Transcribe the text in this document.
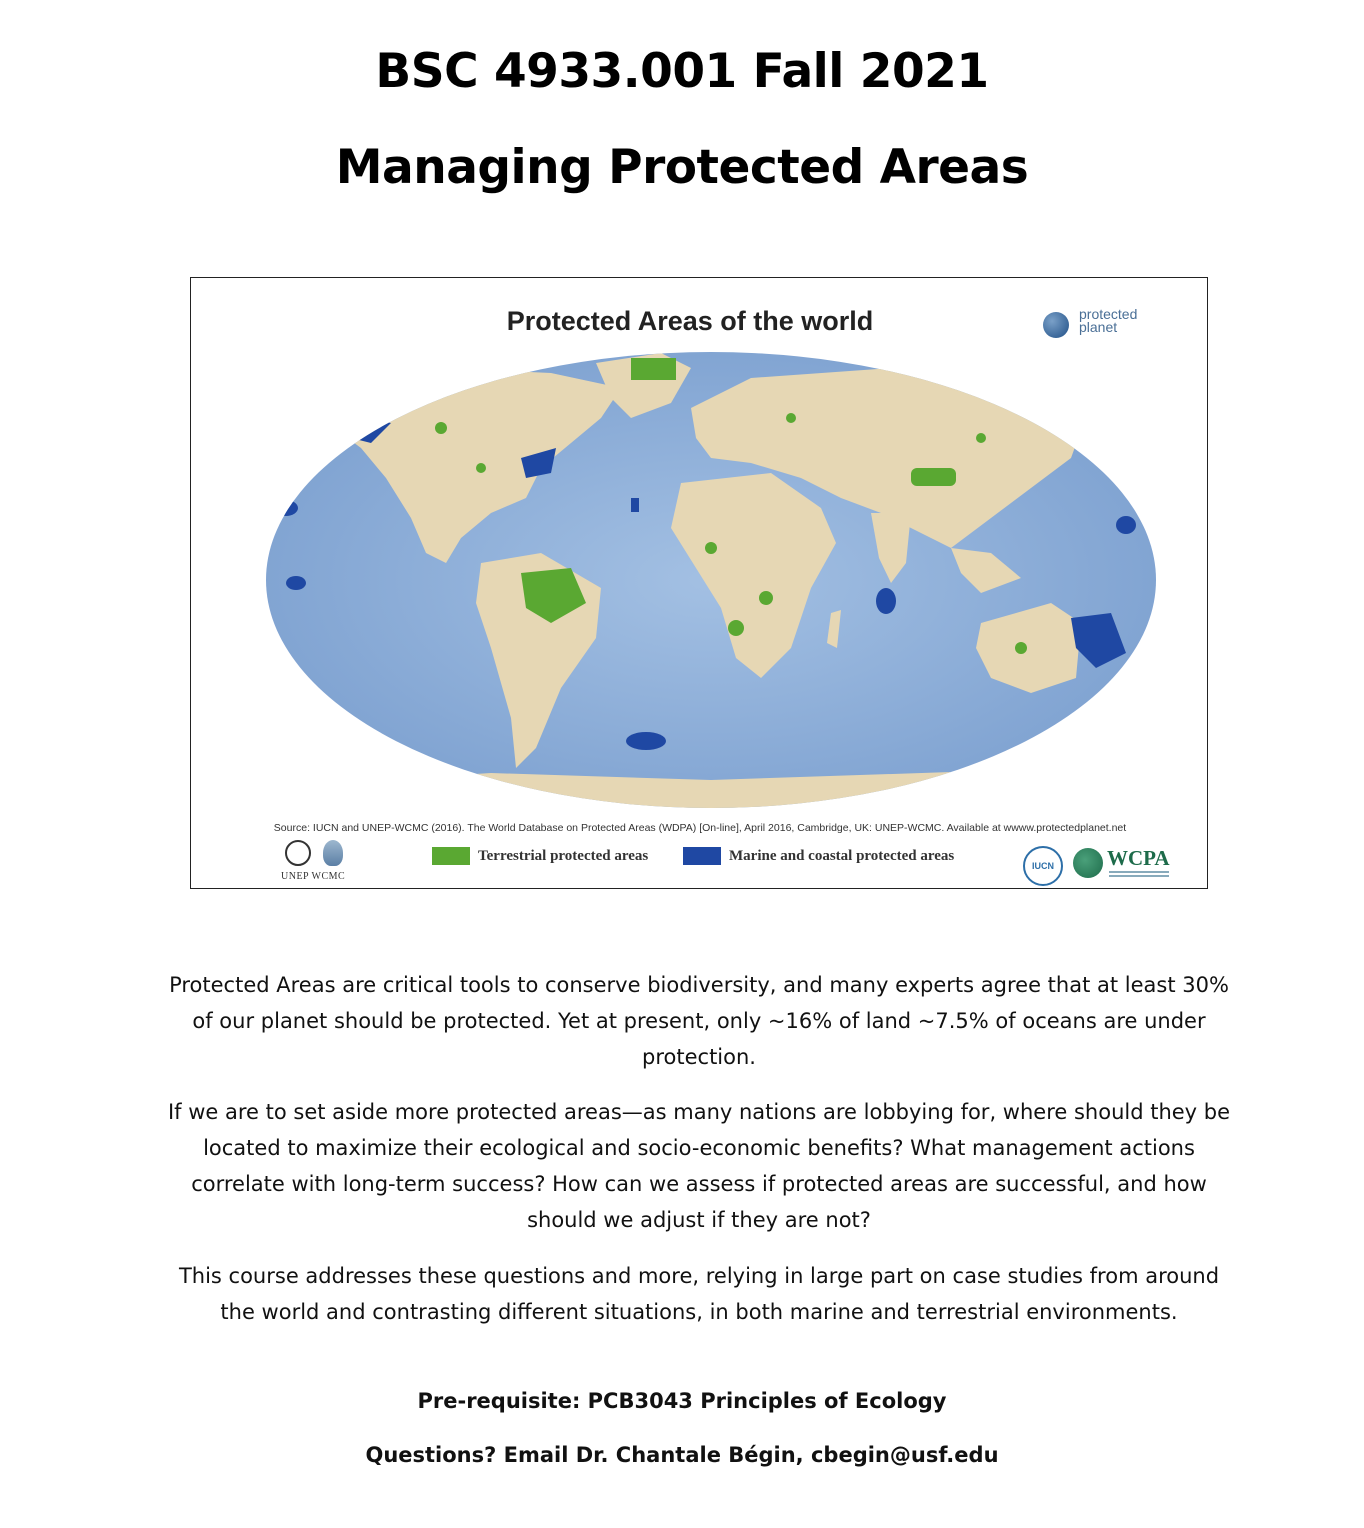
BSC 4933.001 Fall 2021
Managing Protected Areas
Protected Areas of the world	protected
planet
Source: IUCN and UNEP-WCMC (2016). The World Database on Protected Areas (WDPA) [On-line], April 2016, Cambridge, UK: UNEP-WCMC. Available at wwww.protectedplanet.net
UNEP WCMC
Terrestrial protected areas	Marine and coastal protected areas
IUCN	WCPA

Protected Areas are critical tools to conserve biodiversity, and many experts agree that at least 30% of our planet should be protected. Yet at present, only ~16% of land ~7.5% of oceans are under protection.

If we are to set aside more protected areas—as many nations are lobbying for, where should they be located to maximize their ecological and socio-economic benefits? What management actions correlate with long-term success? How can we assess if protected areas are successful, and how should we adjust if they are not?

This course addresses these questions and more, relying in large part on case studies from around the world and contrasting different situations, in both marine and terrestrial environments.

Pre-requisite: PCB3043 Principles of Ecology

Questions? Email Dr. Chantale Bégin, cbegin@usf.edu
